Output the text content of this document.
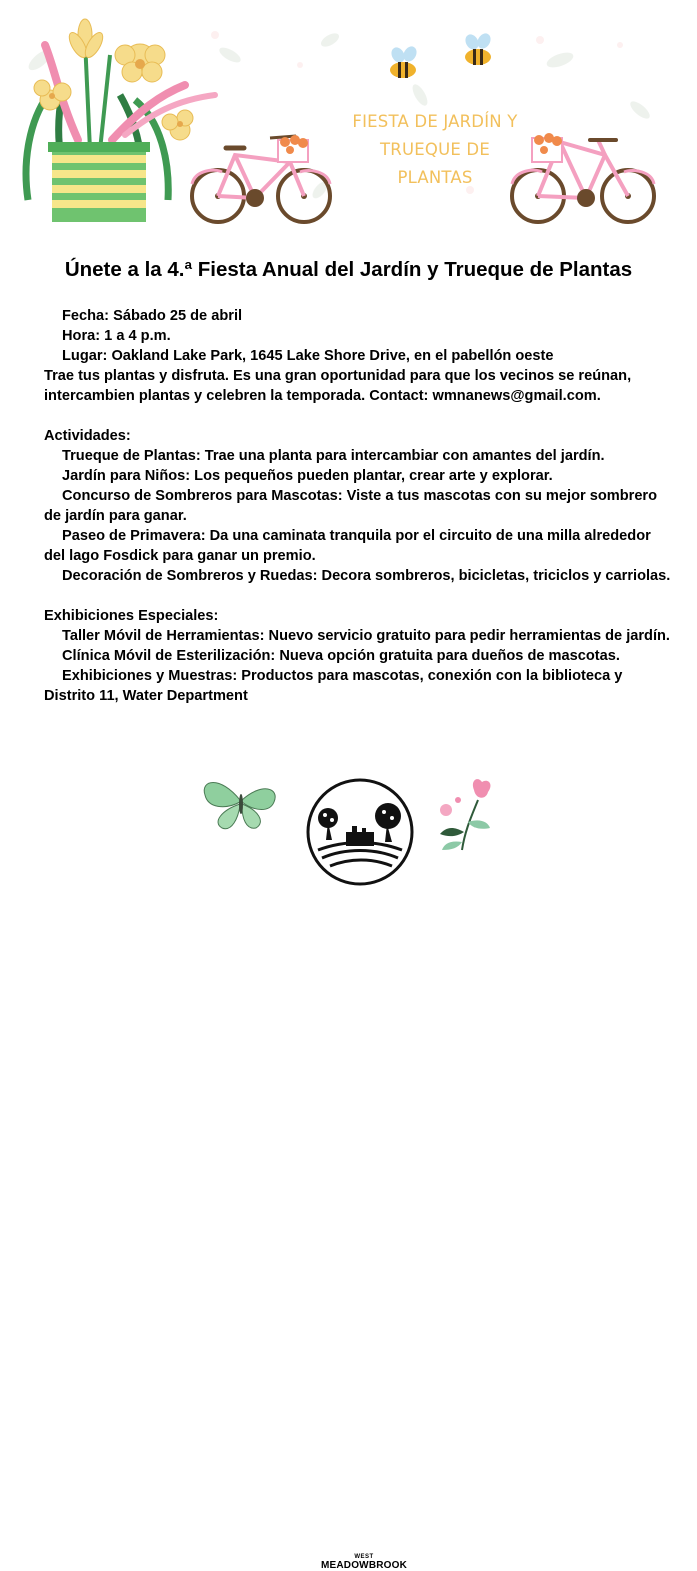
FIESTA DE JARDÍN Y
TRUEQUE DE
PLANTAS
Únete a la 4.ª Fiesta Anual del Jardín y Trueque de Plantas
Fecha: Sábado 25 de abril
Hora: 1 a 4 p.m.
Lugar: Oakland Lake Park, 1645 Lake Shore Drive, en el pabellón oeste
Trae tus plantas y disfruta. Es una gran oportunidad para que los vecinos se reúnan, intercambien plantas y celebren la temporada. Contact: wmnanews@gmail.com.
Actividades:
Trueque de Plantas: Trae una planta para intercambiar con amantes del jardín.
Jardín para Niños: Los pequeños pueden plantar, crear arte y explorar.
Concurso de Sombreros para Mascotas: Viste a tus mascotas con su mejor sombrero de jardín para ganar.
Paseo de Primavera: Da una caminata tranquila por el circuito de una milla alrededor del lago Fosdick para ganar un premio.
Decoración de Sombreros y Ruedas: Decora sombreros, bicicletas, triciclos y carriolas.
Exhibiciones Especiales:
Taller Móvil de Herramientas: Nuevo servicio gratuito para pedir herramientas de jardín.
Clínica Móvil de Esterilización: Nueva opción gratuita para dueños de mascotas.
Exhibiciones y Muestras: Productos para mascotas, conexión con la biblioteca y Distrito 11, Water Department
WEST
MEADOWBROOK
